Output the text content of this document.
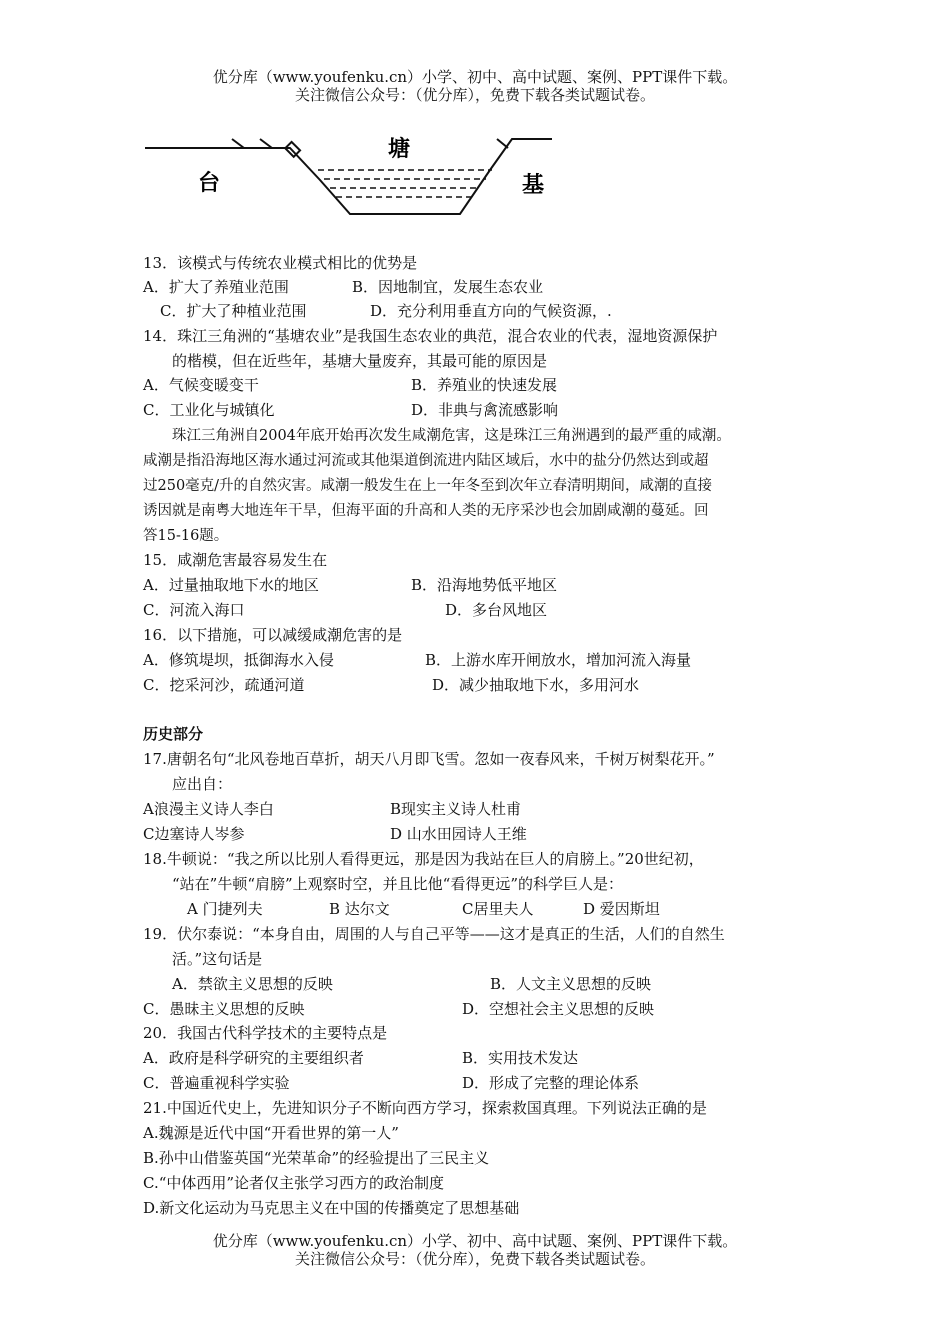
优分库（www.youfenku.cn）小学、初中、高中试题、案例、PPT课件下载。
关注微信公众号：（优分库），免费下载各类试题试卷。
台
塘
基
13．该模式与传统农业模式相比的优势是
A．扩大了养殖业范围	B．因地制宜，发展生态农业
C．扩大了种植业范围	D．充分利用垂直方向的气候资源，.
14．珠江三角洲的“基塘农业”是我国生态农业的典范，混合农业的代表，湿地资源保护
的楷模，但在近些年，基塘大量废弃，其最可能的原因是
A．气候变暖变干	B．养殖业的快速发展
C．工业化与城镇化	D．非典与禽流感影响
珠江三角洲自2004年底开始再次发生咸潮危害，这是珠江三角洲遇到的最严重的咸潮。
咸潮是指沿海地区海水通过河流或其他渠道倒流进内陆区域后，水中的盐分仍然达到或超
过250毫克/升的自然灾害。咸潮一般发生在上一年冬至到次年立春清明期间，咸潮的直接
诱因就是南粤大地连年干旱，但海平面的升高和人类的无序采沙也会加剧咸潮的蔓延。回
答15-16题。
15．咸潮危害最容易发生在
A．过量抽取地下水的地区	B．沿海地势低平地区
C．河流入海口	D．多台风地区
16．以下措施，可以减缓咸潮危害的是
A．修筑堤坝，抵御海水入侵	B．上游水库开闸放水，增加河流入海量
C．挖采河沙，疏通河道	D．减少抽取地下水，多用河水
历史部分
17.唐朝名句“北风卷地百草折，胡天八月即飞雪。忽如一夜春风来，千树万树梨花开。”
应出自：
A浪漫主义诗人李白	B现实主义诗人杜甫
C边塞诗人岑参	D 山水田园诗人王维
18.牛顿说：“我之所以比别人看得更远，那是因为我站在巨人的肩膀上。”20世纪初，
“站在”牛顿“肩膀”上观察时空，并且比他“看得更远”的科学巨人是：
A 门捷列夫	B 达尔文	C居里夫人	D 爱因斯坦
19．伏尔泰说：“本身自由，周围的人与自己平等——这才是真正的生活，人们的自然生
活。”这句话是
A．禁欲主义思想的反映	B．人文主义思想的反映
C．愚昧主义思想的反映	D．空想社会主义思想的反映
20．我国古代科学技术的主要特点是
A．政府是科学研究的主要组织者	B．实用技术发达
C．普遍重视科学实验	D．形成了完整的理论体系
21.中国近代史上，先进知识分子不断向西方学习，探索救国真理。下列说法正确的是
A.魏源是近代中国“开看世界的第一人”
B.孙中山借鉴英国“光荣革命”的经验提出了三民主义
C.“中体西用”论者仅主张学习西方的政治制度
D.新文化运动为马克思主义在中国的传播奠定了思想基础
优分库（www.youfenku.cn）小学、初中、高中试题、案例、PPT课件下载。
关注微信公众号：（优分库），免费下载各类试题试卷。
